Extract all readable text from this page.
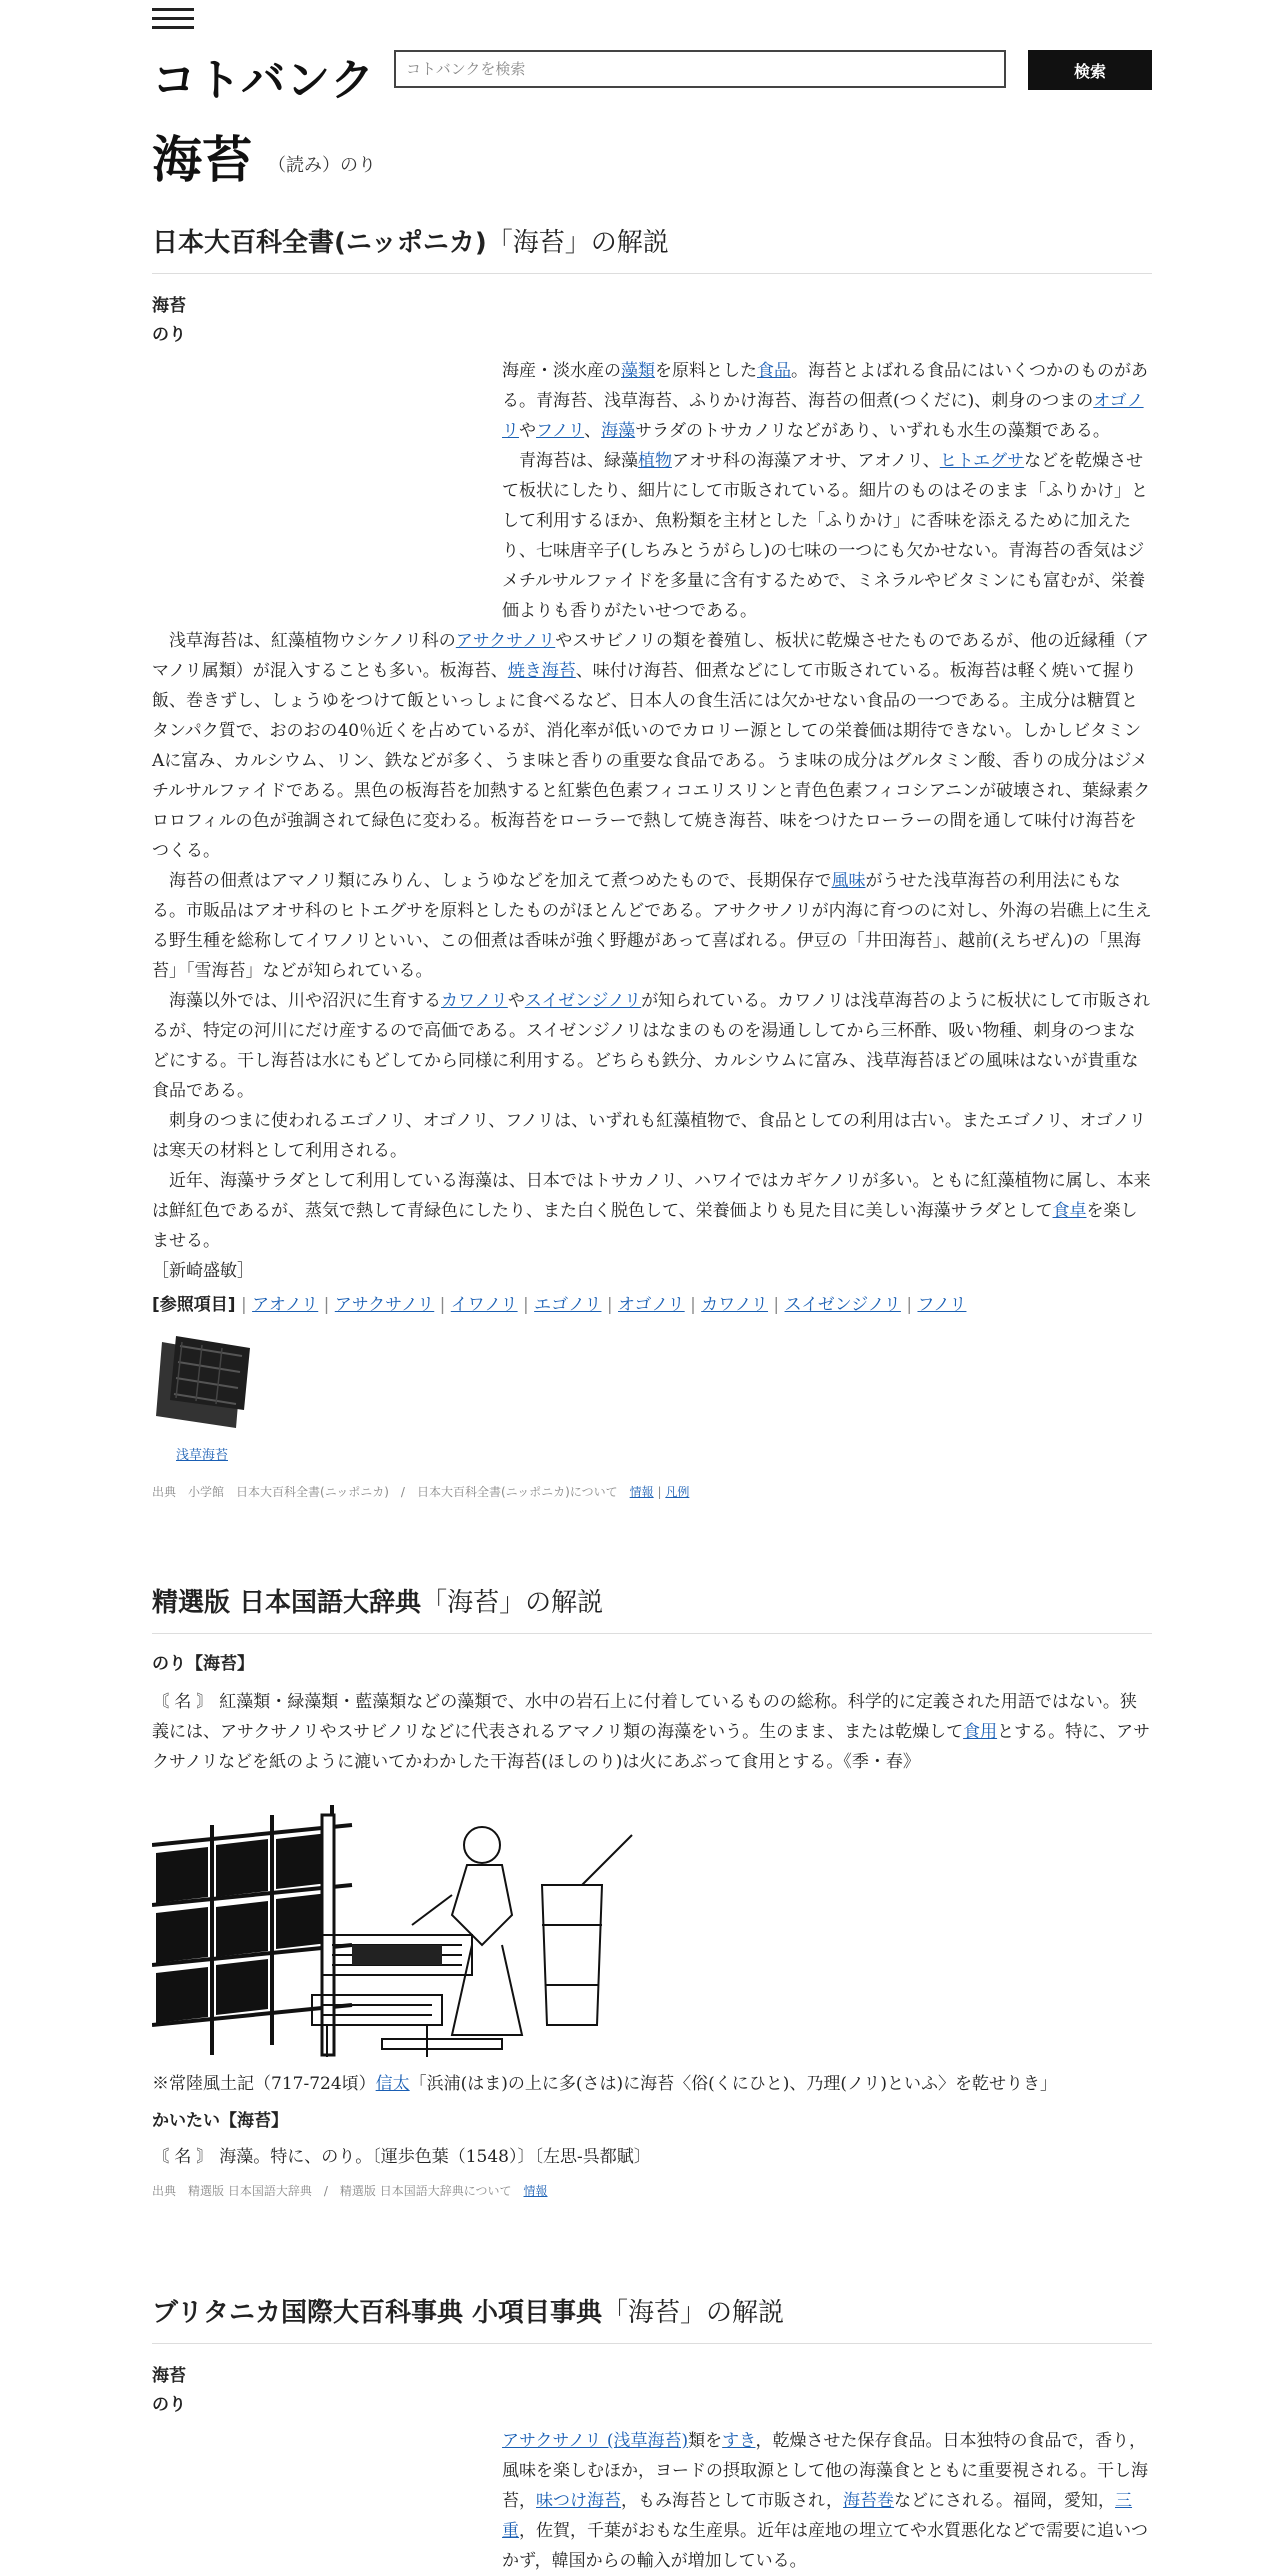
コトバンク
コトバンクを検索	検索
海苔 （読み）のり
日本大百科全書(ニッポニカ)「海苔」の解説
海苔
のり

海産・淡水産の藻類を原料とした食品。海苔とよばれる食品にはいくつかのものがある。青海苔、浅草海苔、ふりかけ海苔、海苔の佃煮(つくだに)、刺身のつまのオゴノリやフノリ、海藻サラダのトサカノリなどがあり、いずれも水生の藻類である。

青海苔は、緑藻植物アオサ科の海藻アオサ、アオノリ、ヒトエグサなどを乾燥させて板状にしたり、細片にして市販されている。細片のものはそのまま「ふりかけ」として利用するほか、魚粉類を主材とした「ふりかけ」に香味を添えるために加えたり、七味唐辛子(しちみとうがらし)の七味の一つにも欠かせない。青海苔の香気はジメチルサルファイドを多量に含有するためで、ミネラルやビタミンにも富むが、栄養価よりも香りがたいせつである。

浅草海苔は、紅藻植物ウシケノリ科のアサクサノリやスサビノリの類を養殖し、板状に乾燥させたものであるが、他の近縁種（アマノリ属類）が混入することも多い。板海苔、焼き海苔、味付け海苔、佃煮などにして市販されている。板海苔は軽く焼いて握り飯、巻きずし、しょうゆをつけて飯といっしょに食べるなど、日本人の食生活には欠かせない食品の一つである。主成分は糖質とタンパク質で、おのおの40％近くを占めているが、消化率が低いのでカロリー源としての栄養価は期待できない。しかしビタミンAに富み、カルシウム、リン、鉄などが多く、うま味と香りの重要な食品である。うま味の成分はグルタミン酸、香りの成分はジメチルサルファイドである。黒色の板海苔を加熱すると紅紫色色素フィコエリスリンと青色色素フィコシアニンが破壊され、葉緑素クロロフィルの色が強調されて緑色に変わる。板海苔をローラーで熱して焼き海苔、味をつけたローラーの間を通して味付け海苔をつくる。

海苔の佃煮はアマノリ類にみりん、しょうゆなどを加えて煮つめたもので、長期保存で風味がうせた浅草海苔の利用法にもなる。市販品はアオサ科のヒトエグサを原料としたものがほとんどである。アサクサノリが内海に育つのに対し、外海の岩礁上に生える野生種を総称してイワノリといい、この佃煮は香味が強く野趣があって喜ばれる。伊豆の「井田海苔」、越前(えちぜん)の「黒海苔」「雪海苔」などが知られている。

海藻以外では、川や沼沢に生育するカワノリやスイゼンジノリが知られている。カワノリは浅草海苔のように板状にして市販されるが、特定の河川にだけ産するので高価である。スイゼンジノリはなまのものを湯通ししてから三杯酢、吸い物種、刺身のつまなどにする。干し海苔は水にもどしてから同様に利用する。どちらも鉄分、カルシウムに富み、浅草海苔ほどの風味はないが貴重な食品である。

刺身のつまに使われるエゴノリ、オゴノリ、フノリは、いずれも紅藻植物で、食品としての利用は古い。またエゴノリ、オゴノリは寒天の材料として利用される。

近年、海藻サラダとして利用している海藻は、日本ではトサカノリ、ハワイではカギケノリが多い。ともに紅藻植物に属し、本来は鮮紅色であるが、蒸気で熱して青緑色にしたり、また白く脱色して、栄養価よりも見た目に美しい海藻サラダとして食卓を楽しませる。

［新崎盛敏］

[参照項目] | アオノリ | アサクサノリ | イワノリ | エゴノリ | オゴノリ | カワノリ | スイゼンジノリ | フノリ
浅草海苔
出典　 小学館　日本大百科全書(ニッポニカ)　/　日本大百科全書(ニッポニカ)について　 情報 | 凡例
精選版 日本国語大辞典「海苔」の解説
のり【海苔】

〘 名 〙 紅藻類・緑藻類・藍藻類などの藻類で、水中の岩石上に付着しているものの総称。科学的に定義された用語ではない。狭義には、アサクサノリやスサビノリなどに代表されるアマノリ類の海藻をいう。生のまま、または乾燥して食用とする。特に、アサクサノリなどを紙のように漉いてかわかした干海苔(ほしのり)は火にあぶって食用とする。《季・春》

※常陸風土記（717‐724頃）信太「浜浦(はま)の上に多(さは)に海苔〈俗(くにひと)、乃理(ノリ)といふ〉を乾せりき」

かいたい【海苔】

〘 名 〙 海藻。特に、のり。〔運歩色葉（1548）〕〔左思‐呉都賦〕

出典　 精選版 日本国語大辞典　/　精選版 日本国語大辞典について　 情報
ブリタニカ国際大百科事典 小項目事典「海苔」の解説
海苔
のり

アサクサノリ (浅草海苔)類をすき，乾燥させた保存食品。日本独特の食品で，香り，風味を楽しむほか，ヨードの摂取源として他の海藻食とともに重要視される。干し海苔，味つけ海苔，もみ海苔として市販され，海苔巻などにされる。福岡，愛知，三重，佐賀，千葉がおもな生産県。近年は産地の埋立てや水質悪化などで需要に追いつかず，韓国からの輸入が増加している。
